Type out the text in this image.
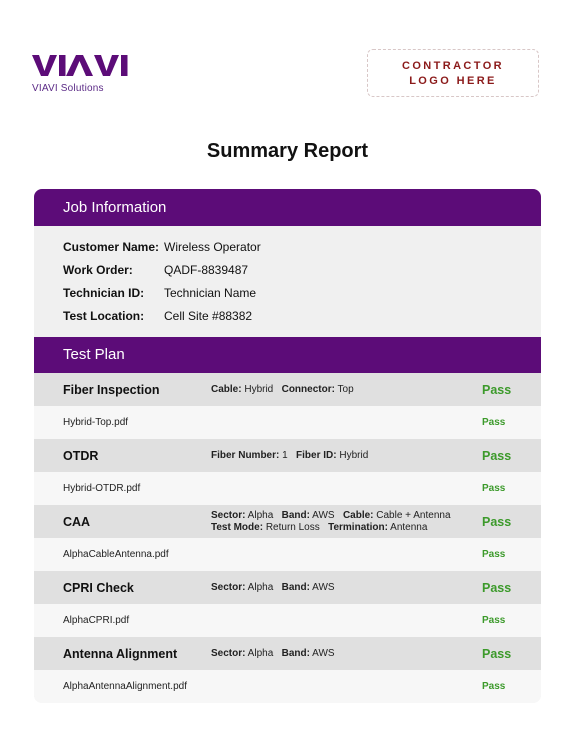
VIAVI Solutions
CONTRACTOR
LOGO HERE
Summary Report
Job Information
Customer Name: Wireless Operator
Work Order:	QADF-8839487
Technician ID:	Technician Name
Test Location:	Cell Site #88382
Test Plan
Fiber Inspection	Cable: Hybrid Connector: Top	Pass
Hybrid-Top.pdf	Pass
OTDR	Fiber Number: 1 Fiber ID: Hybrid	Pass
Hybrid-OTDR.pdf	Pass
CAA	Sector: Alpha Band: AWS Cable: Cable + Antenna
Test Mode: Return Loss Termination: Antenna	Pass
AlphaCableAntenna.pdf	Pass
CPRI Check	Sector: Alpha Band: AWS	Pass
AlphaCPRI.pdf	Pass
Antenna Alignment	Sector: Alpha Band: AWS	Pass
AlphaAntennaAlignment.pdf	Pass
